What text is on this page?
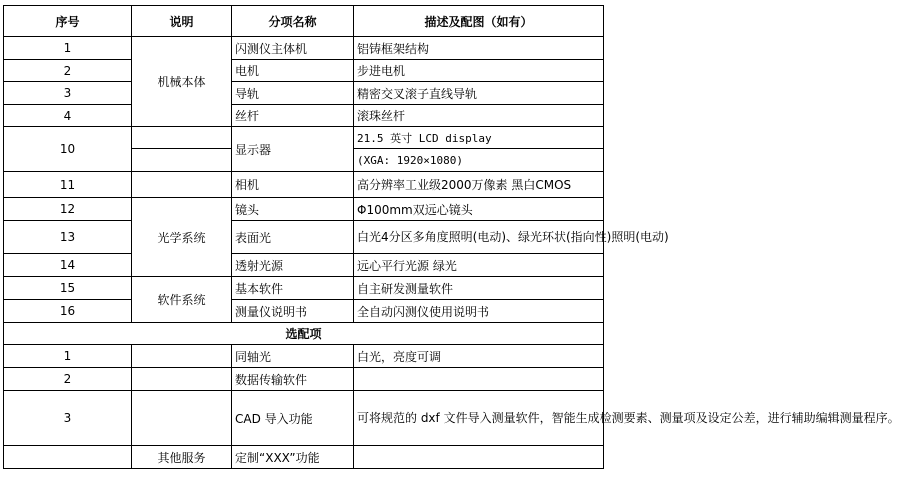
序号	说明	分项名称	描述及配图（如有）
1	机械本体	闪测仪主体机	铝铸框架结构
2		电机	步进电机
3		导轨	精密交叉滚子直线导轨
4		丝杆	滚珠丝杆
10		显示器	21.5 英寸 LCD display
			(XGA: 1920×1080)
11		相机	高分辨率工业级2000万像素 黑白CMOS
12	光学系统	镜头	Φ100mm双远心镜头
13		表面光	白光4分区多角度照明(电动)、绿光环状(指向性)照明(电动)
14		透射光源	远心平行光源 绿光
15	软件系统	基本软件	自主研发测量软件
16		测量仪说明书	全自动闪测仪使用说明书
选配项			
1		同轴光	白光，亮度可调
2		数据传输软件	
3		CAD 导入功能	可将规范的 dxf 文件导入测量软件，智能生成检测要素、测量项及设定公差，进行辅助编辑测量程序。
	其他服务	定制“XXX”功能	
